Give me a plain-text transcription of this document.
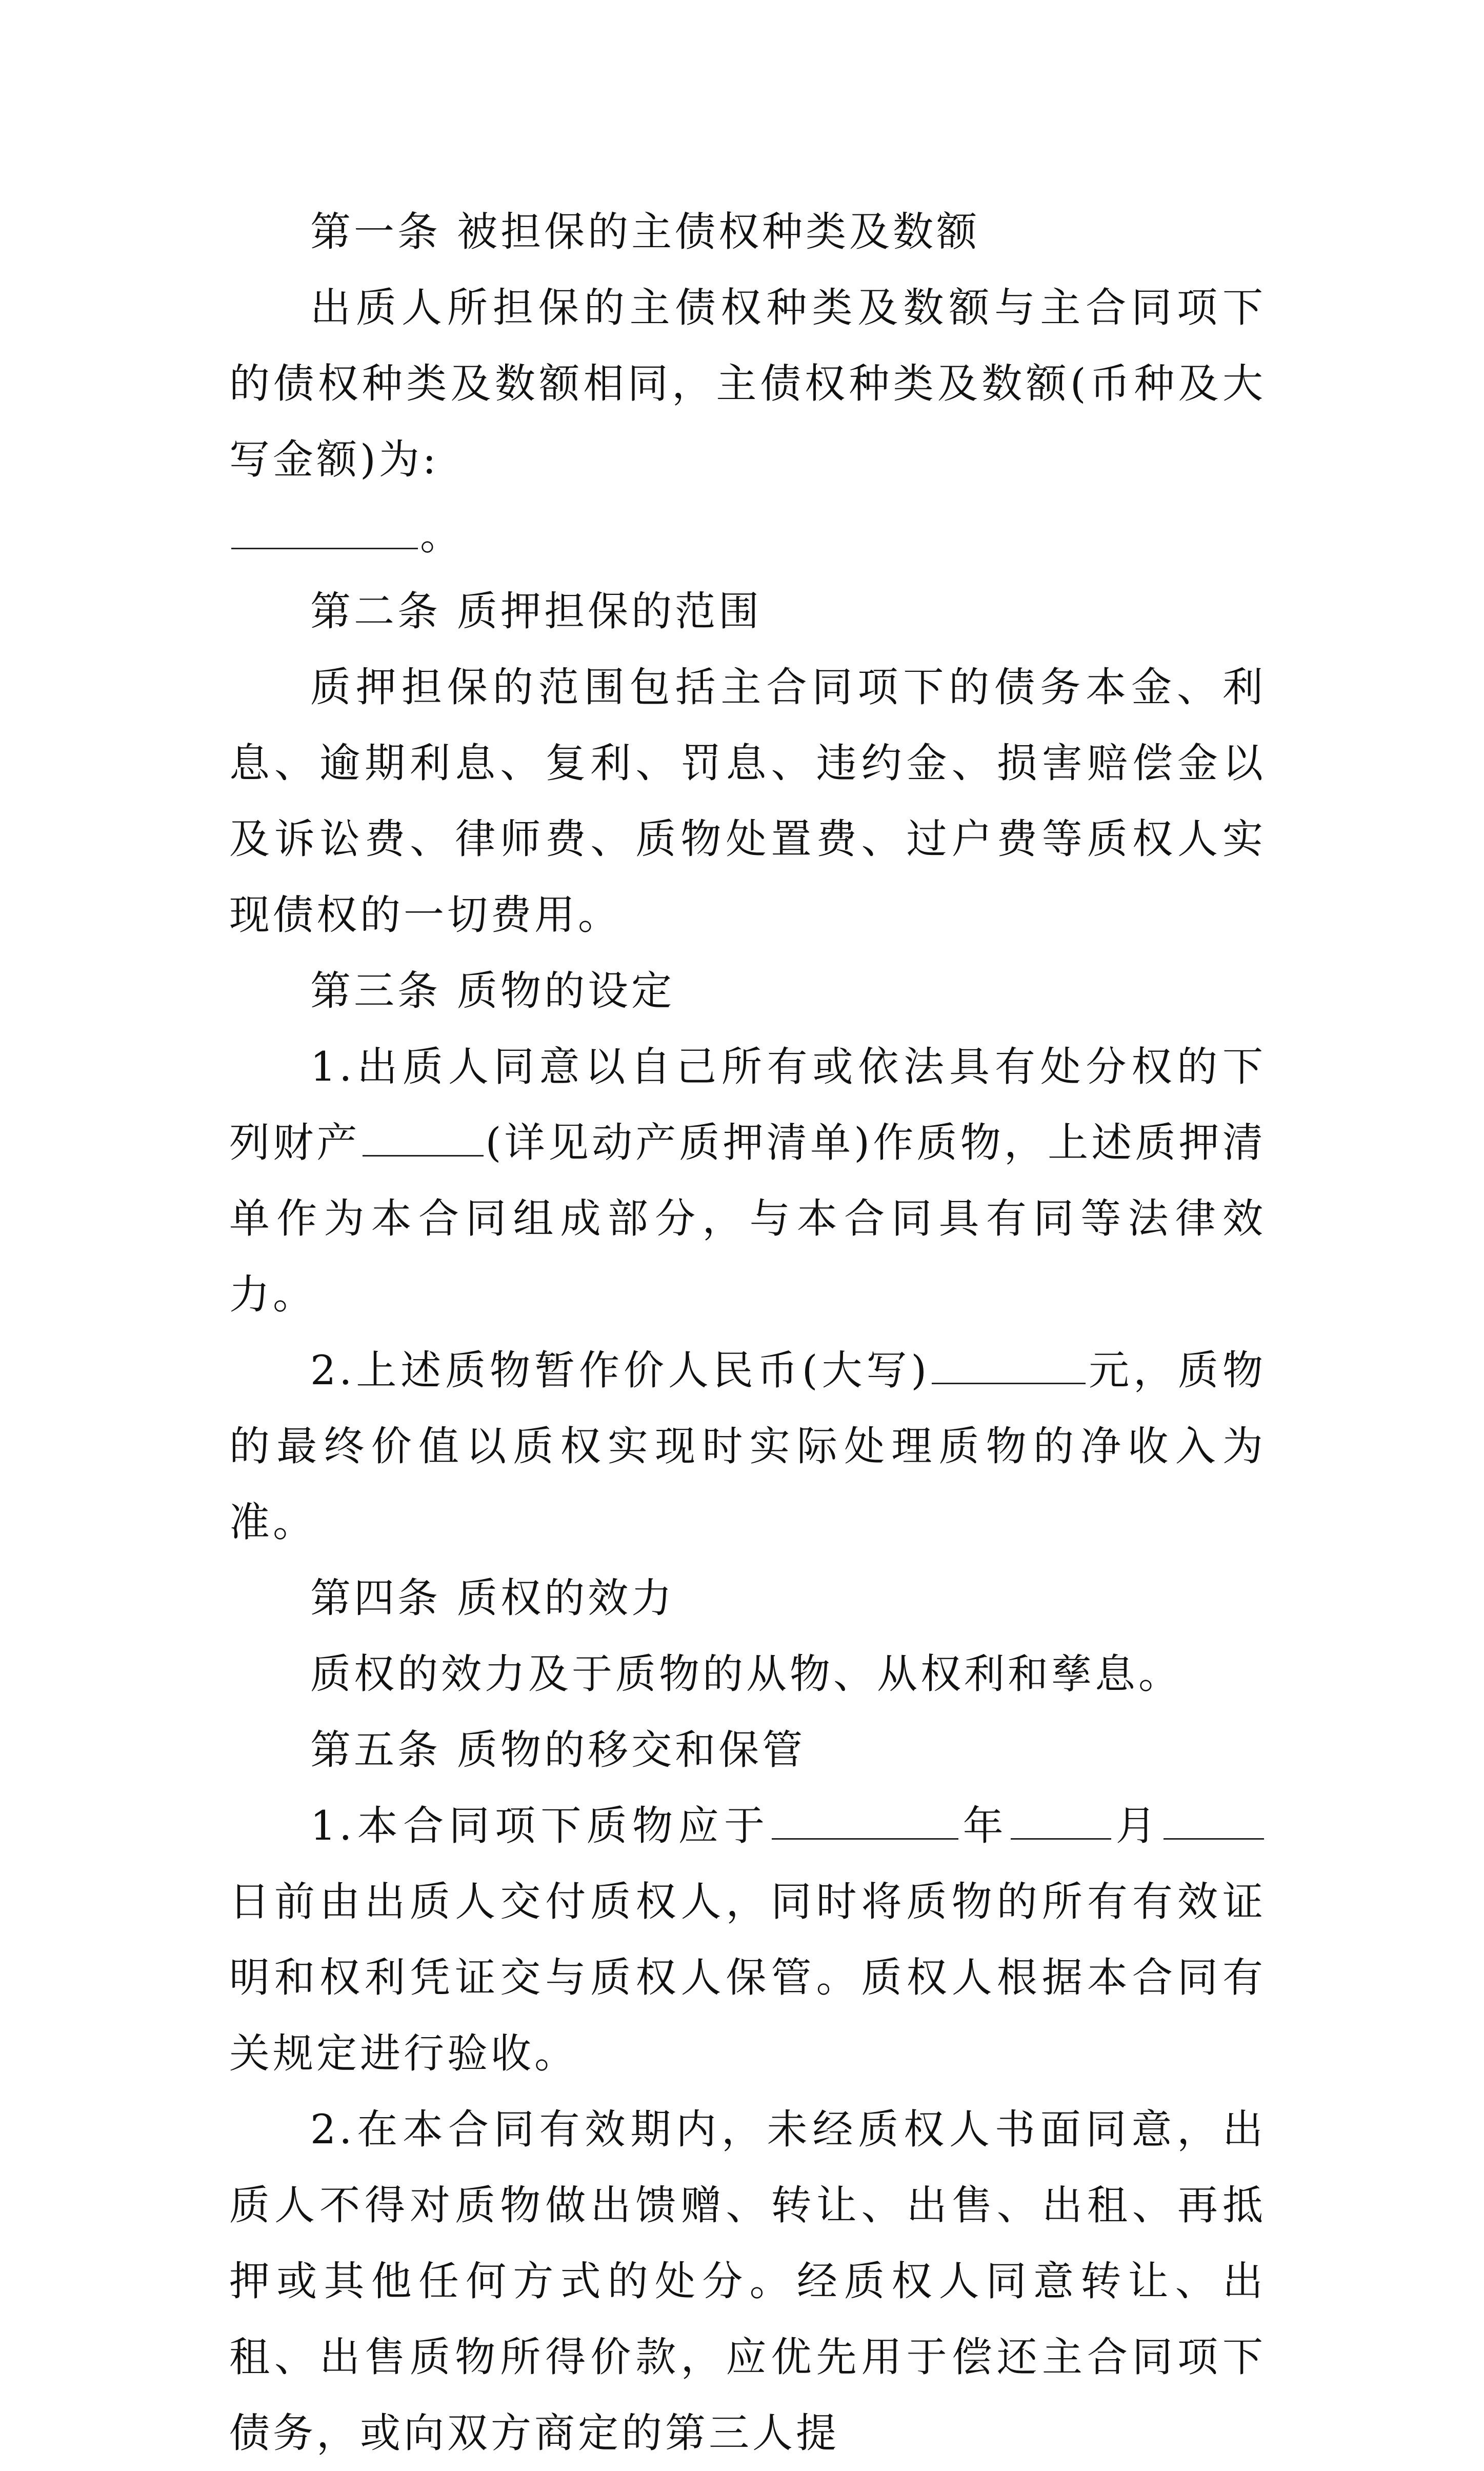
第一条 被担保的主债权种类及数额

出质人所担保的主债权种类及数额与主合同项下的债权种类及数额相同，主债权种类及数额(币种及大写金额)为:
。

第二条 质押担保的范围

质押担保的范围包括主合同项下的债务本金、利息、逾期利息、复利、罚息、违约金、损害赔偿金以及诉讼费、律师费、质物处置费、过户费等质权人实现债权的一切费用。

第三条 质物的设定

1.出质人同意以自己所有或依法具有处分权的下列财产	(详见动产质押清单)作质物，上述质押清单作为本合同组成部分，与本合同具有同等法律效力。

2.上述质物暂作价人民币(大写)	元，质物的最终价值以质权实现时实际处理质物的净收入为准。

第四条 质权的效力

质权的效力及于质物的从物、从权利和孳息。

第五条 质物的移交和保管

1.本合同项下质物应于	年	月日前由出质人交付质权人，同时将质物的所有有效证明和权利凭证交与质权人保管。质权人根据本合同有关规定进行验收。

2.在本合同有效期内，未经质权人书面同意，出质人不得对质物做出馈赠、转让、出售、出租、再抵押或其他任何方式的处分。经质权人同意转让、出租、出售质物所得价款，应优先用于偿还主合同项下债务，或向双方商定的第三人提
